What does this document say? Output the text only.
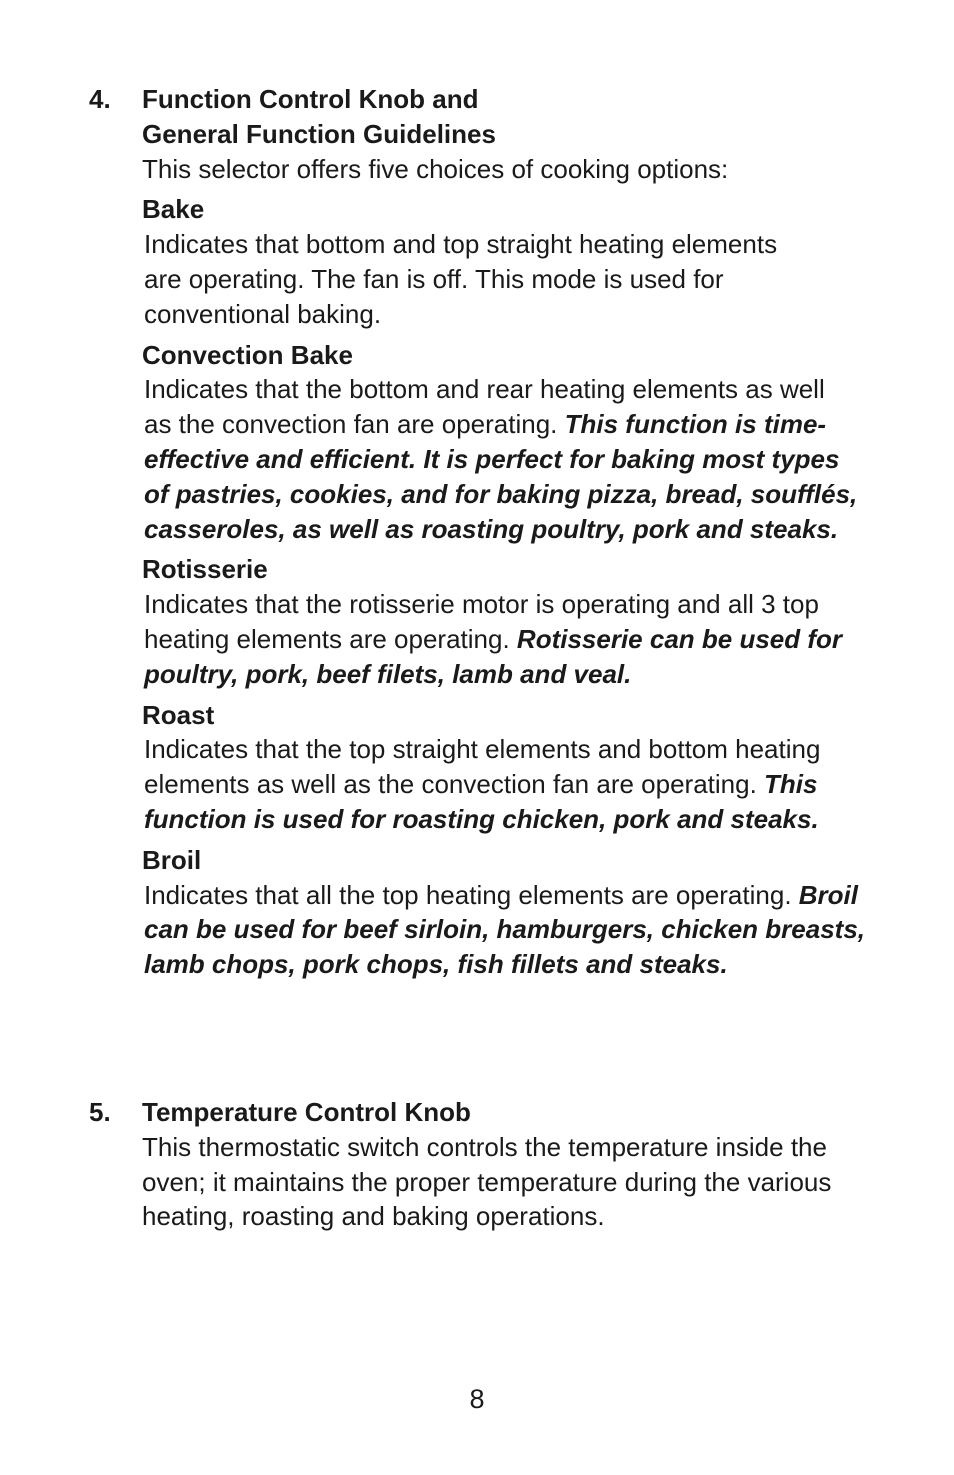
4. Function Control Knob and
General Function Guidelines
This selector offers five choices of cooking options:
Bake

Indicates that bottom and top straight heating elements are operating. The fan is off. This mode is used for conventional baking.

Convection Bake

Indicates that the bottom and rear heating elements as well as the convection fan are operating. This function is time-effective and efficient. It is perfect for baking most types of pastries, cookies, and for baking pizza, bread, soufflés, casseroles, as well as roasting poultry, pork and steaks.

Rotisserie

Indicates that the rotisserie motor is operating and all 3 top heating elements are operating. Rotisserie can be used for poultry, pork, beef filets, lamb and veal.

Roast

Indicates that the top straight elements and bottom heating elements as well as the convection fan are operating. This function is used for roasting chicken, pork and steaks.

Broil

Indicates that all the top heating elements are operating. Broil can be used for beef sirloin, hamburgers, chicken breasts, lamb chops, pork chops, fish fillets and steaks.

5. Temperature Control Knob

This thermostatic switch controls the temperature inside the oven; it maintains the proper temperature during the various heating, roasting and baking operations.

8
